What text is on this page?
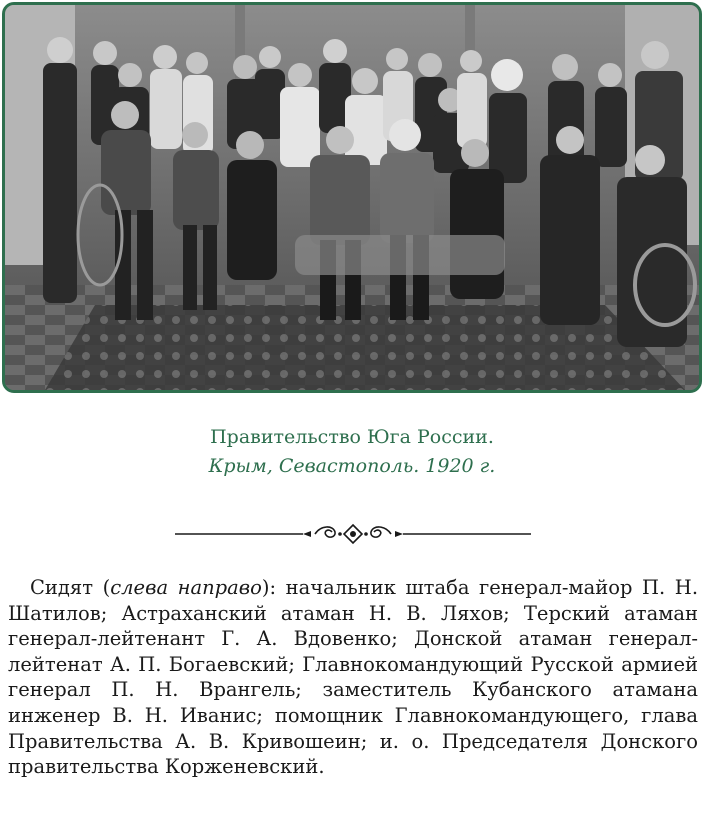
Правительство Юга России.
Крым, Севастополь. 1920 г.
Сидят (слева направо): начальник штаба генерал-майор П. Н. Шатилов; Астраханский атаман Н. В. Ляхов; Терский атаман генерал-лейтенант Г. А. Вдовенко; Донской атаман генерал-лейтенат А. П. Богаевский; Главнокомандующий Русской армией генерал П. Н. Врангель; заместитель Кубанского атамана инженер В. Н. Иванис; помощник Главнокомандующего, глава Правительства А. В. Кривошеин; и. о. Председателя Донского правительства Корженевский.
